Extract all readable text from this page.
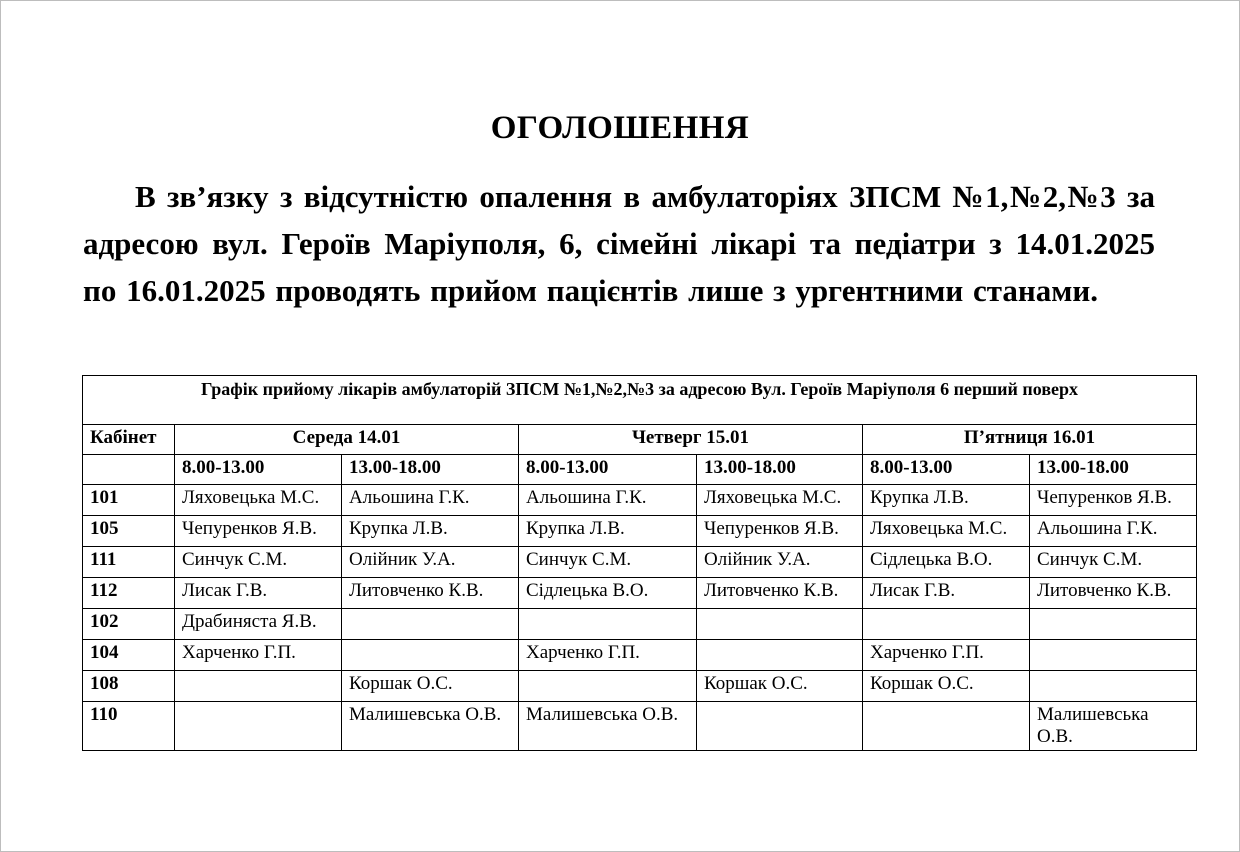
ОГОЛОШЕННЯ
В зв’язку з відсутністю опалення в амбулаторіях ЗПСМ №1,№2,№3 за адресою вул. Героїв Маріуполя, 6, сімейні лікарі та педіатри з 14.01.2025 по 16.01.2025 проводять прийом пацієнтів лише з ургентними станами.
Графік прийому лікарів амбулаторій ЗПСМ №1,№2,№3 за адресою Вул. Героїв Маріуполя 6 перший поверх						
Кабінет	Середа 14.01		Четверг 15.01		П’ятниця 16.01	
	8.00-13.00	13.00-18.00	8.00-13.00	13.00-18.00	8.00-13.00	13.00-18.00
101	Ляховецька М.С.	Альошина Г.К.	Альошина Г.К.	Ляховецька М.С.	Крупка Л.В.	Чепуренков Я.В.
105	Чепуренков Я.В.	Крупка Л.В.	Крупка Л.В.	Чепуренков Я.В.	Ляховецька М.С.	Альошина Г.К.
111	Синчук С.М.	Олійник У.А.	Синчук С.М.	Олійник У.А.	Сідлецька В.О.	Синчук С.М.
112	Лисак Г.В.	Литовченко К.В.	Сідлецька В.О.	Литовченко К.В.	Лисак Г.В.	Литовченко К.В.
102	Драбиняста Я.В.					
104	Харченко Г.П.		Харченко Г.П.		Харченко Г.П.	
108		Коршак О.С.		Коршак О.С.	Коршак О.С.	
110		Малишевська О.В.	Малишевська О.В.			Малишевська О.В.
